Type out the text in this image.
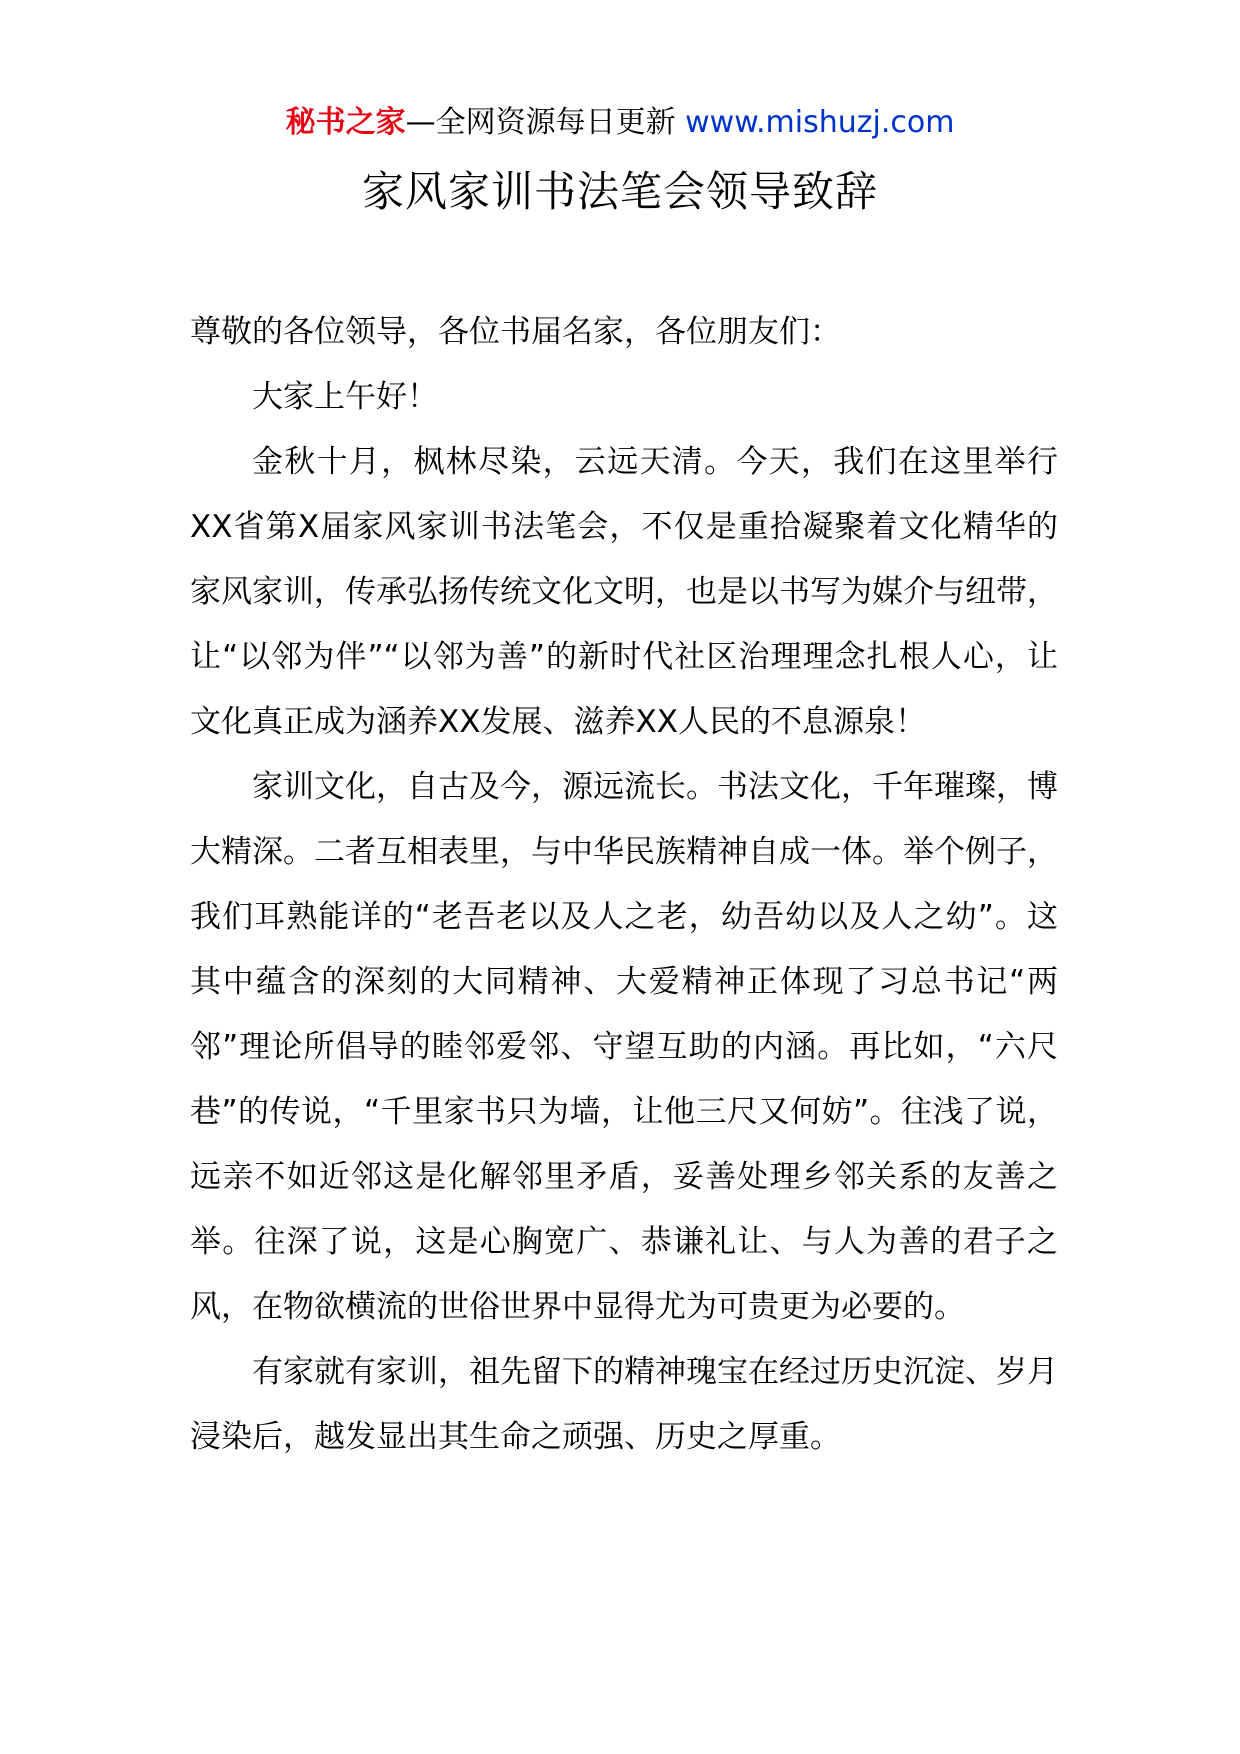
秘书之家—全网资源每日更新 www.mishuzj.com
家风家训书法笔会领导致辞

尊敬的各位领导，各位书届名家，各位朋友们：

大家上午好！

金秋十月，枫林尽染，云远天清。今天，我们在这里举行XX省第X届家风家训书法笔会，不仅是重拾凝聚着文化精华的家风家训，传承弘扬传统文化文明，也是以书写为媒介与纽带，让“以邻为伴”“以邻为善”的新时代社区治理理念扎根人心，让文化真正成为涵养XX发展、滋养XX人民的不息源泉！

家训文化，自古及今，源远流长。书法文化，千年璀璨，博大精深。二者互相表里，与中华民族精神自成一体。举个例子，我们耳熟能详的“老吾老以及人之老，幼吾幼以及人之幼”。这其中蕴含的深刻的大同精神、大爱精神正体现了习总书记“两邻”理论所倡导的睦邻爱邻、守望互助的内涵。再比如，“六尺巷”的传说，“千里家书只为墙，让他三尺又何妨”。往浅了说，远亲不如近邻这是化解邻里矛盾，妥善处理乡邻关系的友善之举。往深了说，这是心胸宽广、恭谦礼让、与人为善的君子之风，在物欲横流的世俗世界中显得尤为可贵更为必要的。

有家就有家训，祖先留下的精神瑰宝在经过历史沉淀、岁月浸染后，越发显出其生命之顽强、历史之厚重。
